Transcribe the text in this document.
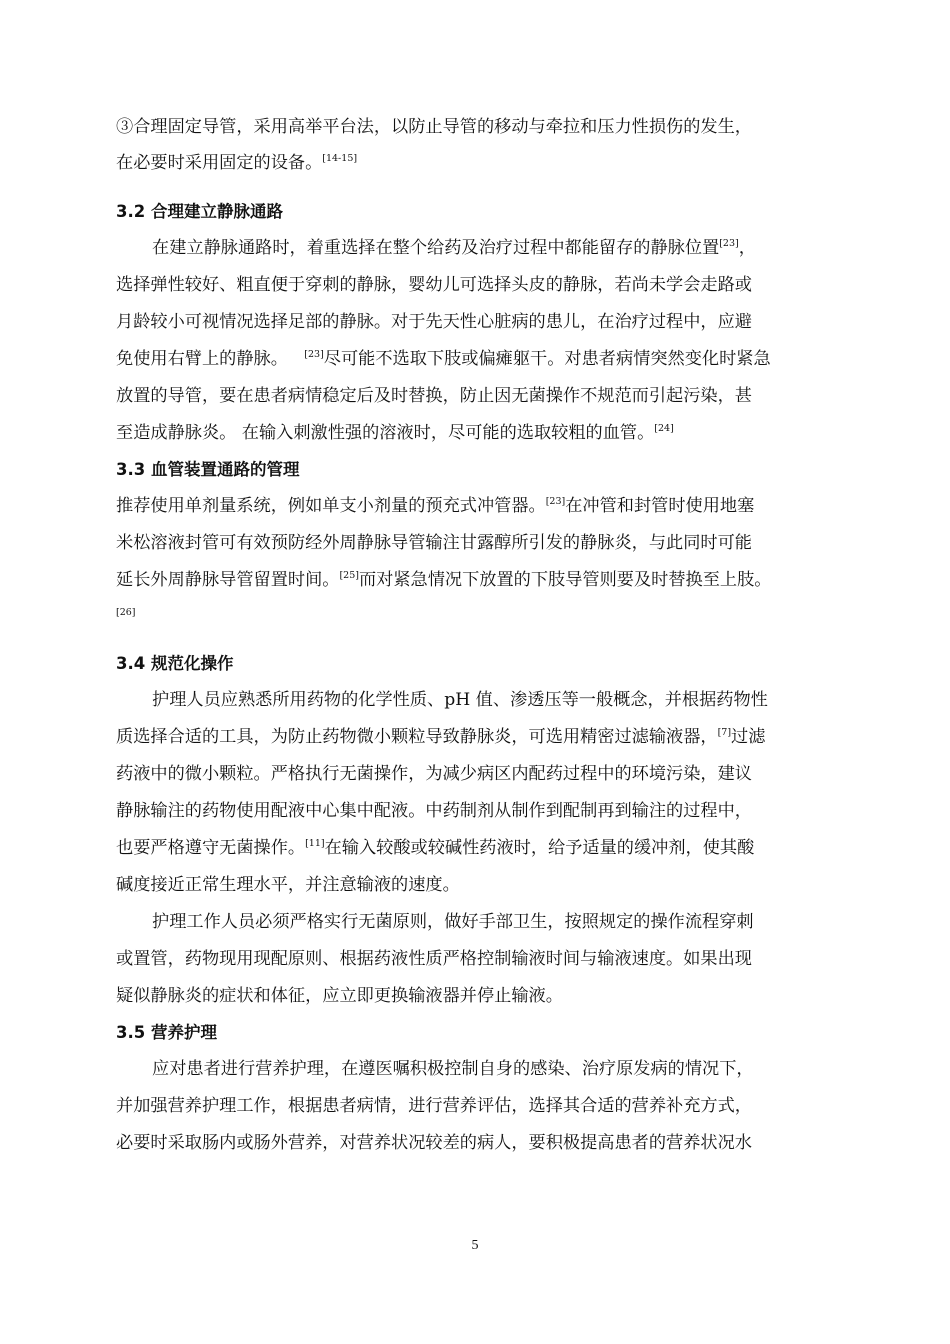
③合理固定导管，采用高举平台法，以防止导管的移动与牵拉和压力性损伤的发生，
在必要时采用固定的设备。[14-15]
3.2 合理建立静脉通路
在建立静脉通路时，着重选择在整个给药及治疗过程中都能留存的静脉位置[23]，
选择弹性较好、粗直便于穿刺的静脉，婴幼儿可选择头皮的静脉，若尚未学会走路或
月龄较小可视情况选择足部的静脉。对于先天性心脏病的患儿，在治疗过程中，应避
免使用右臂上的静脉。 [23]尽可能不选取下肢或偏瘫躯干。对患者病情突然变化时紧急
放置的导管，要在患者病情稳定后及时替换，防止因无菌操作不规范而引起污染，甚
至造成静脉炎。 在输入刺激性强的溶液时，尽可能的选取较粗的血管。[24]
3.3 血管装置通路的管理
推荐使用单剂量系统，例如单支小剂量的预充式冲管器。[23]在冲管和封管时使用地塞
米松溶液封管可有效预防经外周静脉导管输注甘露醇所引发的静脉炎，与此同时可能
延长外周静脉导管留置时间。[25]而对紧急情况下放置的下肢导管则要及时替换至上肢。
[26]
3.4 规范化操作
护理人员应熟悉所用药物的化学性质、pH 值、渗透压等一般概念，并根据药物性
质选择合适的工具，为防止药物微小颗粒导致静脉炎，可选用精密过滤输液器，[7]过滤
药液中的微小颗粒。严格执行无菌操作，为减少病区内配药过程中的环境污染，建议
静脉输注的药物使用配液中心集中配液。中药制剂从制作到配制再到输注的过程中，
也要严格遵守无菌操作。[11]在输入较酸或较碱性药液时，给予适量的缓冲剂，使其酸
碱度接近正常生理水平，并注意输液的速度。
护理工作人员必须严格实行无菌原则，做好手部卫生，按照规定的操作流程穿刺
或置管，药物现用现配原则、根据药液性质严格控制输液时间与输液速度。如果出现
疑似静脉炎的症状和体征，应立即更换输液器并停止输液。
3.5 营养护理
应对患者进行营养护理，在遵医嘱积极控制自身的感染、治疗原发病的情况下，
并加强营养护理工作，根据患者病情，进行营养评估，选择其合适的营养补充方式，
必要时采取肠内或肠外营养，对营养状况较差的病人，要积极提高患者的营养状况水
5
